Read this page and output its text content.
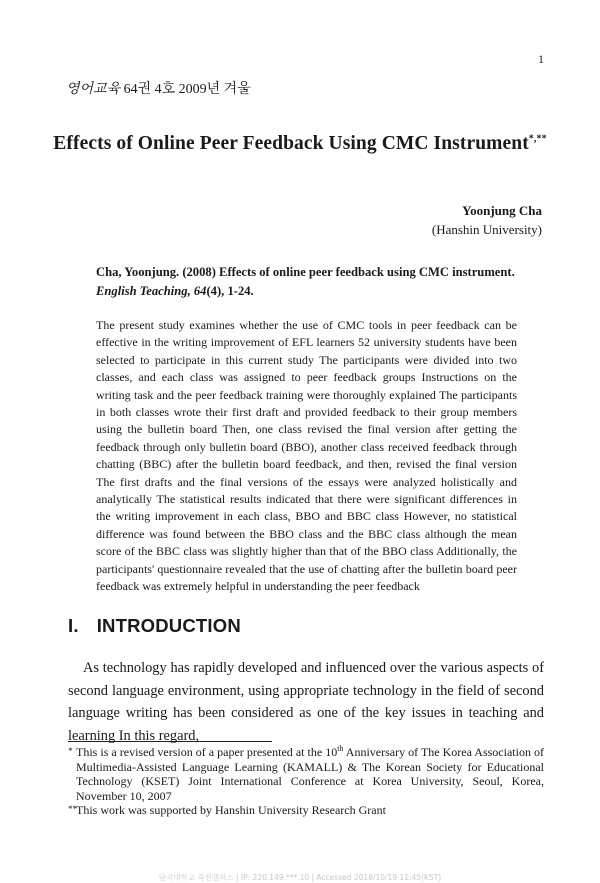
1
영어교육 64권 4호 2009년 겨울
Effects of Online Peer Feedback Using CMC Instrument*,**
Yoonjung Cha
(Hanshin University)
Cha, Yoonjung. (2008) Effects of online peer feedback using CMC instrument. English Teaching, 64(4), 1-24.
The present study examines whether the use of CMC tools in peer feedback can be effective in the writing improvement of EFL learners 52 university students have been selected to participate in this current study The participants were divided into two classes, and each class was assigned to peer feedback groups Instructions on the writing task and the peer feedback training were thoroughly explained The participants in both classes wrote their first draft and provided feedback to their group members using the bulletin board Then, one class revised the final version after getting the feedback through only bulletin board (BBO), another class received feedback through chatting (BBC) after the bulletin board feedback, and then, revised the final version The first drafts and the final versions of the essays were analyzed holistically and analytically The statistical results indicated that there were significant differences in the writing improvement in each class, BBO and BBC class However, no statistical difference was found between the BBO class and the BBC class although the mean score of the BBC class was slightly higher than that of the BBO class Additionally, the participants' questionnaire revealed that the use of chatting after the bulletin board peer feedback was extremely helpful in understanding the peer feedback
I. INTRODUCTION
As technology has rapidly developed and influenced over the various aspects of second language environment, using appropriate technology in the field of second language writing has been considered as one of the key issues in teaching and learning In this regard,

* This is a revised version of a paper presented at the 10th Anniversary of The Korea Association of Multimedia-Assisted Language Learning (KAMALL) & The Korean Society for Educational Technology (KSET) Joint International Conference at Korea University, Seoul, Korea, November 10, 2007

** This work was supported by Hanshin University Research Grant

단국대학교 죽전캠퍼스 | IP: 220.149.***.10 | Accessed 2018/10/19 11:45(KST)
